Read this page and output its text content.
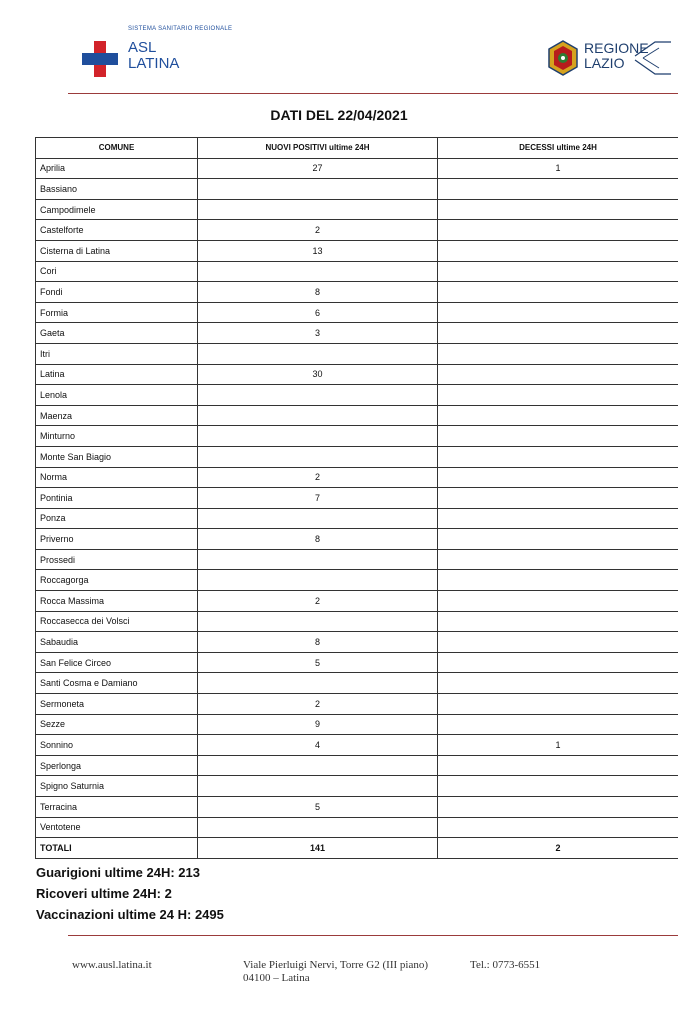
SISTEMA SANITARIO REGIONALE
ASL
LATINA
REGIONE
LAZIO
DATI DEL 22/04/2021
COMUNE	NUOVI POSITIVI ultime 24H	DECESSI ultime 24H
Aprilia	27	1
Bassiano		
Campodimele		
Castelforte	2	
Cisterna di Latina	13	
Cori		
Fondi	8	
Formia	6	
Gaeta	3	
Itri		
Latina	30	
Lenola		
Maenza		
Minturno		
Monte San Biagio		
Norma	2	
Pontinia	7	
Ponza		
Priverno	8	
Prossedi		
Roccagorga		
Rocca Massima	2	
Roccasecca dei Volsci		
Sabaudia	8	
San Felice Circeo	5	
Santi Cosma e Damiano		
Sermoneta	2	
Sezze	9	
Sonnino	4	1
Sperlonga		
Spigno Saturnia		
Terracina	5	
Ventotene		
TOTALI	141	2
Guarigioni ultime 24H: 213
Ricoveri ultime 24H: 2
Vaccinazioni ultime 24 H: 2495
www.ausl.latina.it	Viale Pierluigi Nervi, Torre G2 (III piano)
04100 – Latina
Tel.: 0773-6551
